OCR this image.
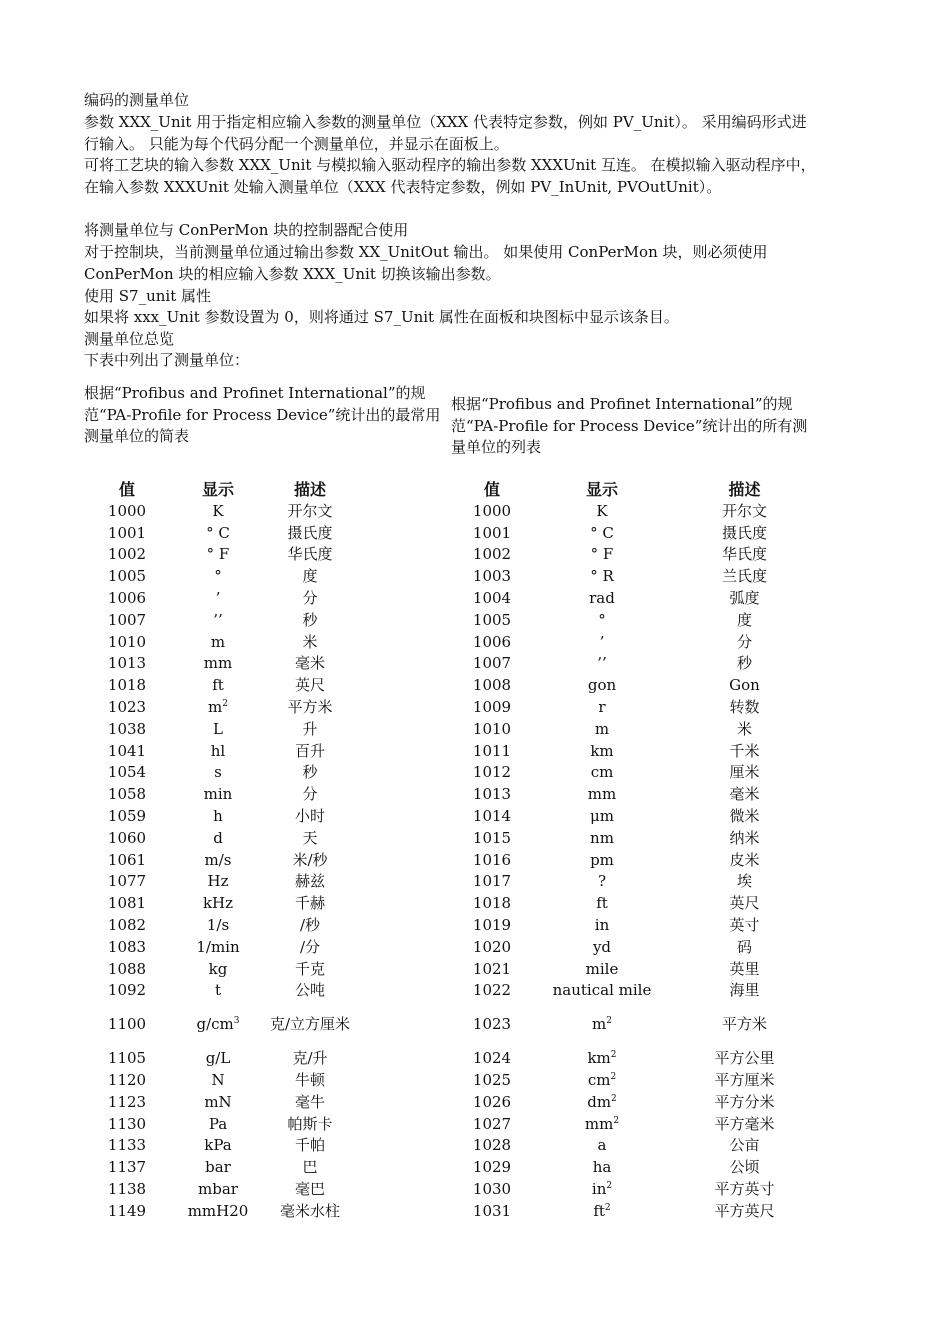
编码的测量单位
参数 XXX_Unit 用于指定相应输入参数的测量单位（XXX 代表特定参数，例如 PV_Unit）。 采用编码形式进行输入。 只能为每个代码分配一个测量单位，并显示在面板上。
可将工艺块的输入参数 XXX_Unit 与模拟输入驱动程序的输出参数 XXXUnit 互连。 在模拟输入驱动程序中，在输入参数 XXXUnit 处输入测量单位（XXX 代表特定参数，例如 PV_InUnit, PVOutUnit）。
将测量单位与 ConPerMon 块的控制器配合使用
对于控制块，当前测量单位通过输出参数 XX_UnitOut 输出。 如果使用 ConPerMon 块，则必须使用 ConPerMon 块的相应输入参数 XXX_Unit 切换该输出参数。
使用 S7_unit 属性
如果将 xxx_Unit 参数设置为 0，则将通过 S7_Unit 属性在面板和块图标中显示该条目。
测量单位总览
下表中列出了测量单位：
根据“Profibus and Profinet International”的规范“PA-Profile for Process Device”统计出的最常用测量单位的简表
根据“Profibus and Profinet International”的规范“PA-Profile for Process Device”统计出的所有测量单位的列表
值	显示	描述
1000	K	开尔文
1001	° C	摄氏度
1002	° F	华氏度
1005	°	度
1006	’	分
1007	’’	秒
1010	m	米
1013	mm	毫米
1018	ft	英尺
1023	$m^2$	平方米
1038	L	升
1041	hl	百升
1054	s	秒
1058	min	分
1059	h	小时
1060	d	天
1061	m/s	米/秒
1077	Hz	赫兹
1081	kHz	千赫
1082	1/s	/秒
1083	1/min	/分
1088	kg	千克
1092	t	公吨
1100	$g/cm^3$	克/立方厘米
1105	g/L	克/升
1120	N	牛顿
1123	mN	毫牛
1130	Pa	帕斯卡
1133	kPa	千帕
1137	bar	巴
1138	mbar	毫巴
1149	mmH20	毫米水柱
值	显示	描述
1000	K	开尔文
1001	° C	摄氏度
1002	° F	华氏度
1003	° R	兰氏度
1004	rad	弧度
1005	°	度
1006	’	分
1007	’’	秒
1008	gon	Gon
1009	r	转数
1010	m	米
1011	km	千米
1012	cm	厘米
1013	mm	毫米
1014	μm	微米
1015	nm	纳米
1016	pm	皮米
1017	?	埃
1018	ft	英尺
1019	in	英寸
1020	yd	码
1021	mile	英里
1022	nautical mile	海里
1023	$m^2$	平方米
1024	$km^2$	平方公里
1025	$cm^2$	平方厘米
1026	$dm^2$	平方分米
1027	$mm^2$	平方毫米
1028	a	公亩
1029	ha	公顷
1030	$in^2$	平方英寸
1031	$ft^2$	平方英尺
